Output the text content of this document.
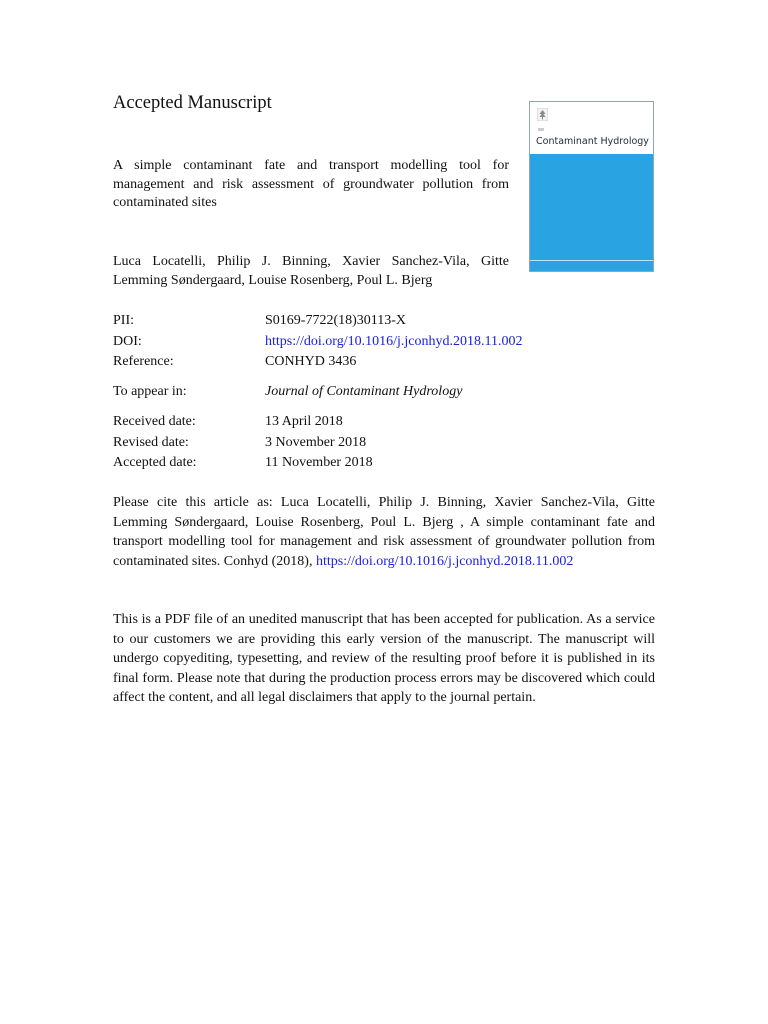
Accepted Manuscript
A simple contaminant fate and transport modelling tool for management and risk assessment of groundwater pollution from contaminated sites

Luca Locatelli, Philip J. Binning, Xavier Sanchez-Vila, Gitte Lemming Søndergaard, Louise Rosenberg, Poul L. Bjerg

Contaminant Hydrology
PII:	S0169-7722(18)30113-X
DOI:	https://doi.org/10.1016/j.jconhyd.2018.11.002
Reference:	CONHYD 3436
To appear in:	Journal of Contaminant Hydrology
Received date:	13 April 2018
Revised date:	3 November 2018
Accepted date:	11 November 2018

Please cite this article as: Luca Locatelli, Philip J. Binning, Xavier Sanchez-Vila, Gitte Lemming Søndergaard, Louise Rosenberg, Poul L. Bjerg , A simple contaminant fate and transport modelling tool for management and risk assessment of groundwater pollution from contaminated sites. Conhyd (2018), https://doi.org/10.1016/j.jconhyd.2018.11.002

This is a PDF file of an unedited manuscript that has been accepted for publication. As a service to our customers we are providing this early version of the manuscript. The manuscript will undergo copyediting, typesetting, and review of the resulting proof before it is published in its final form. Please note that during the production process errors may be discovered which could affect the content, and all legal disclaimers that apply to the journal pertain.
